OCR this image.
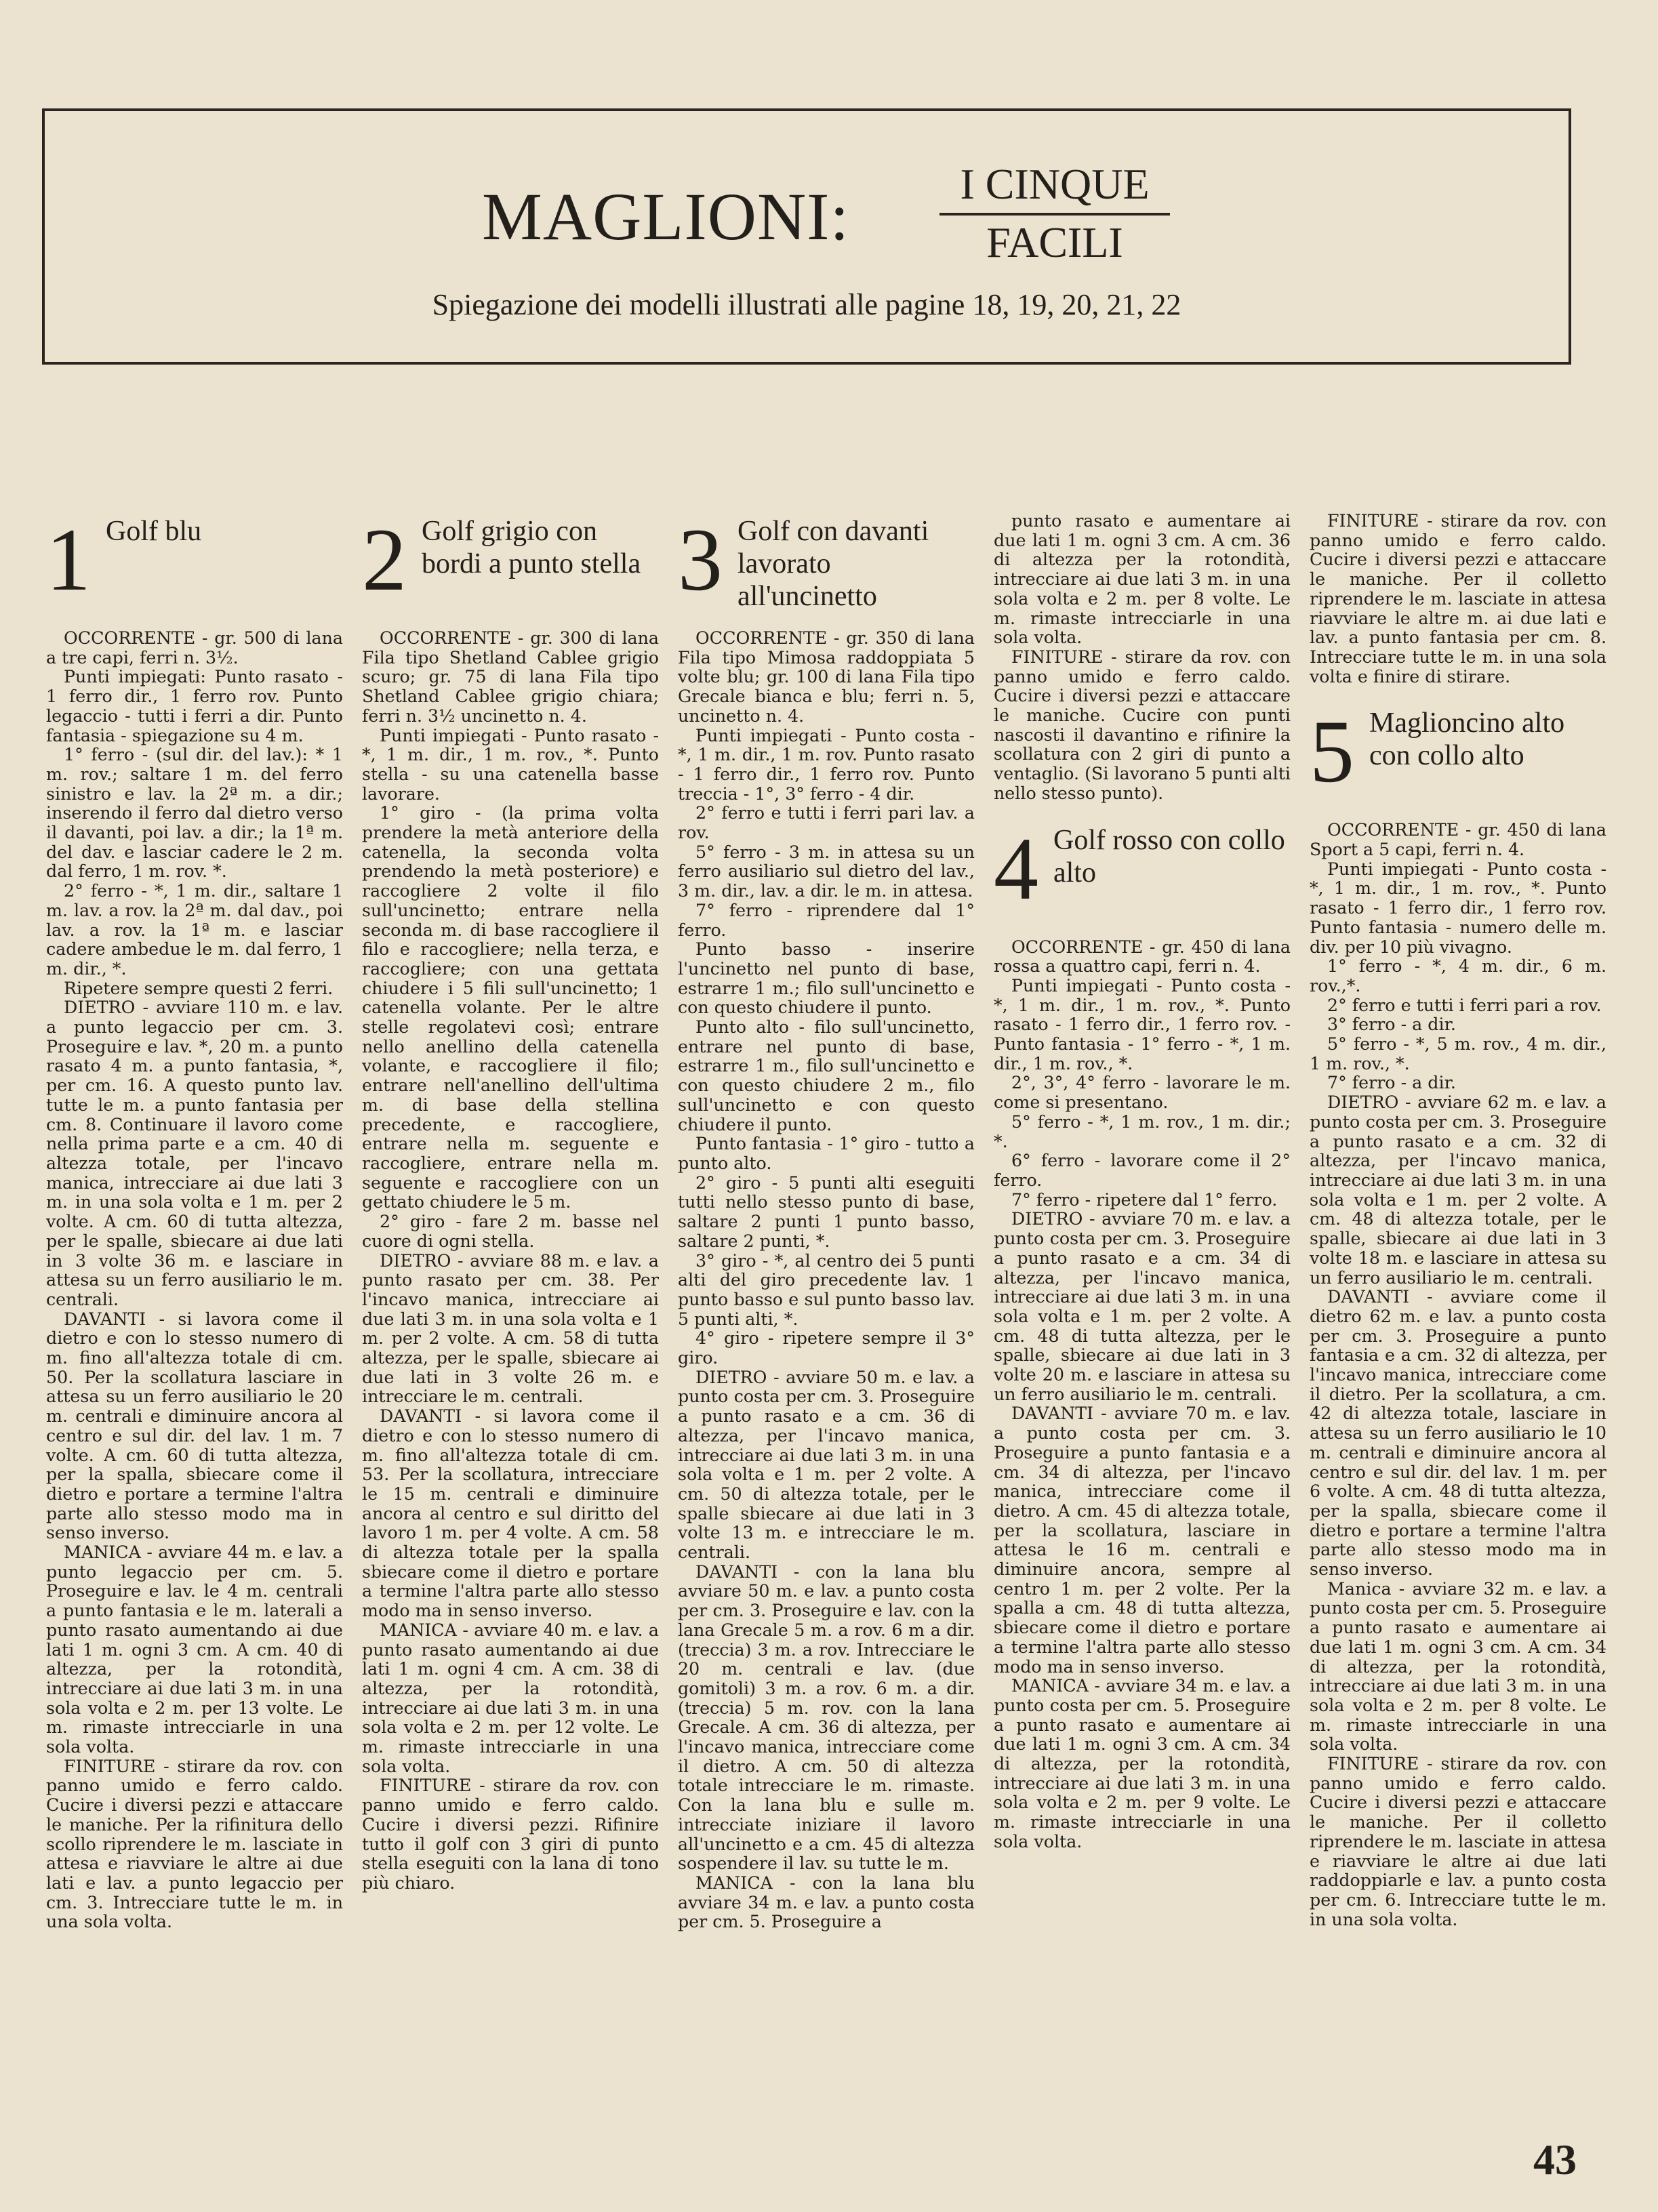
MAGLIONI:	I CINQUE
FACILI
Spiegazione dei modelli illustrati alle pagine 18, 19, 20, 21, 22
1 Golf blu

OCCORRENTE - gr. 500 di lana a tre capi, ferri n. 3½.

Punti impiegati: Punto rasato - 1 ferro dir., 1 ferro rov. Punto legaccio - tutti i ferri a dir. Punto fantasia - spiegazione su 4 m.

1° ferro - (sul dir. del lav.): * 1 m. rov.; saltare 1 m. del ferro sinistro e lav. la 2ª m. a dir.; inserendo il ferro dal dietro verso il davanti, poi lav. a dir.; la 1ª m. del dav. e lasciar cadere le 2 m. dal ferro, 1 m. rov. *.

2° ferro - *, 1 m. dir., saltare 1 m. lav. a rov. la 2ª m. dal dav., poi lav. a rov. la 1ª m. e lasciar cadere ambedue le m. dal ferro, 1 m. dir., *.

Ripetere sempre questi 2 ferri.

DIETRO - avviare 110 m. e lav. a punto legaccio per cm. 3. Proseguire e lav. *, 20 m. a punto rasato 4 m. a punto fantasia, *, per cm. 16. A questo punto lav. tutte le m. a punto fantasia per cm. 8. Continuare il lavoro come nella prima parte e a cm. 40 di altezza totale, per l'incavo manica, intrecciare ai due lati 3 m. in una sola volta e 1 m. per 2 volte. A cm. 60 di tutta altezza, per le spalle, sbiecare ai due lati in 3 volte 36 m. e lasciare in attesa su un ferro ausiliario le m. centrali.

DAVANTI - si lavora come il dietro e con lo stesso numero di m. fino all'altezza totale di cm. 50. Per la scollatura lasciare in attesa su un ferro ausiliario le 20 m. centrali e diminuire ancora al centro e sul dir. del lav. 1 m. 7 volte. A cm. 60 di tutta altezza, per la spalla, sbiecare come il dietro e portare a termine l'altra parte allo stesso modo ma in senso inverso.

MANICA - avviare 44 m. e lav. a punto legaccio per cm. 5. Proseguire e lav. le 4 m. centrali a punto fantasia e le m. laterali a punto rasato aumentando ai due lati 1 m. ogni 3 cm. A cm. 40 di altezza, per la rotondità, intrecciare ai due lati 3 m. in una sola volta e 2 m. per 13 volte. Le m. rimaste intrecciarle in una sola volta.

FINITURE - stirare da rov. con panno umido e ferro caldo. Cucire i diversi pezzi e attaccare le maniche. Per la rifinitura dello scollo riprendere le m. lasciate in attesa e riavviare le altre ai due lati e lav. a punto legaccio per cm. 3. Intrecciare tutte le m. in una sola volta.

2 Golf grigio con bordi a punto stella

OCCORRENTE - gr. 300 di lana Fila tipo Shetland Cablee grigio scuro; gr. 75 di lana Fila tipo Shetland Cablee grigio chiara; ferri n. 3½ uncinetto n. 4.

Punti impiegati - Punto rasato - *, 1 m. dir., 1 m. rov., *. Punto stella - su una catenella basse lavorare.

1° giro - (la prima volta prendere la metà anteriore della catenella, la seconda volta prendendo la metà posteriore) e raccogliere 2 volte il filo sull'uncinetto; entrare nella seconda m. di base raccogliere il filo e raccogliere; nella terza, e raccogliere; con una gettata chiudere i 5 fili sull'uncinetto; 1 catenella volante. Per le altre stelle regolatevi così; entrare nello anellino della catenella volante, e raccogliere il filo; entrare nell'anellino dell'ultima m. di base della stellina precedente, e raccogliere, entrare nella m. seguente e raccogliere, entrare nella m. seguente e raccogliere con un gettato chiudere le 5 m.

2° giro - fare 2 m. basse nel cuore di ogni stella.

DIETRO - avviare 88 m. e lav. a punto rasato per cm. 38. Per l'incavo manica, intrecciare ai due lati 3 m. in una sola volta e 1 m. per 2 volte. A cm. 58 di tutta altezza, per le spalle, sbiecare ai due lati in 3 volte 26 m. e intrecciare le m. centrali.

DAVANTI - si lavora come il dietro e con lo stesso numero di m. fino all'altezza totale di cm. 53. Per la scollatura, intrecciare le 15 m. centrali e diminuire ancora al centro e sul diritto del lavoro 1 m. per 4 volte. A cm. 58 di altezza totale per la spalla sbiecare come il dietro e portare a termine l'altra parte allo stesso modo ma in senso inverso.

MANICA - avviare 40 m. e lav. a punto rasato aumentando ai due lati 1 m. ogni 4 cm. A cm. 38 di altezza, per la rotondità, intrecciare ai due lati 3 m. in una sola volta e 2 m. per 12 volte. Le m. rimaste intrecciarle in una sola volta.

FINITURE - stirare da rov. con panno umido e ferro caldo. Cucire i diversi pezzi. Rifinire tutto il golf con 3 giri di punto stella eseguiti con la lana di tono più chiaro.

3 Golf con davanti lavorato all'uncinetto

OCCORRENTE - gr. 350 di lana Fila tipo Mimosa raddoppiata 5 volte blu; gr. 100 di lana Fila tipo Grecale bianca e blu; ferri n. 5, uncinetto n. 4.

Punti impiegati - Punto costa - *, 1 m. dir., 1 m. rov. Punto rasato - 1 ferro dir., 1 ferro rov. Punto treccia - 1°, 3° ferro - 4 dir.

2° ferro e tutti i ferri pari lav. a rov.

5° ferro - 3 m. in attesa su un ferro ausiliario sul dietro del lav., 3 m. dir., lav. a dir. le m. in attesa.

7° ferro - riprendere dal 1° ferro.

Punto basso - inserire l'uncinetto nel punto di base, estrarre 1 m.; filo sull'uncinetto e con questo chiudere il punto.

Punto alto - filo sull'uncinetto, entrare nel punto di base, estrarre 1 m., filo sull'uncinetto e con questo chiudere 2 m., filo sull'uncinetto e con questo chiudere il punto.

Punto fantasia - 1° giro - tutto a punto alto.

2° giro - 5 punti alti eseguiti tutti nello stesso punto di base, saltare 2 punti 1 punto basso, saltare 2 punti, *.

3° giro - *, al centro dei 5 punti alti del giro precedente lav. 1 punto basso e sul punto basso lav. 5 punti alti, *.

4° giro - ripetere sempre il 3° giro.

DIETRO - avviare 50 m. e lav. a punto costa per cm. 3. Proseguire a punto rasato e a cm. 36 di altezza, per l'incavo manica, intrecciare ai due lati 3 m. in una sola volta e 1 m. per 2 volte. A cm. 50 di altezza totale, per le spalle sbiecare ai due lati in 3 volte 13 m. e intrecciare le m. centrali.

DAVANTI - con la lana blu avviare 50 m. e lav. a punto costa per cm. 3. Proseguire e lav. con la lana Grecale 5 m. a rov. 6 m a dir. (treccia) 3 m. a rov. Intrecciare le 20 m. centrali e lav. (due gomitoli) 3 m. a rov. 6 m. a dir. (treccia) 5 m. rov. con la lana Grecale. A cm. 36 di altezza, per l'incavo manica, intrecciare come il dietro. A cm. 50 di altezza totale intrecciare le m. rimaste. Con la lana blu e sulle m. intrecciate iniziare il lavoro all'uncinetto e a cm. 45 di altezza sospendere il lav. su tutte le m.

MANICA - con la lana blu avviare 34 m. e lav. a punto costa per cm. 5. Proseguire a

punto rasato e aumentare ai due lati 1 m. ogni 3 cm. A cm. 36 di altezza per la rotondità, intrecciare ai due lati 3 m. in una sola volta e 2 m. per 8 volte. Le m. rimaste intrecciarle in una sola volta.

FINITURE - stirare da rov. con panno umido e ferro caldo. Cucire i diversi pezzi e attaccare le maniche. Cucire con punti nascosti il davantino e rifinire la scollatura con 2 giri di punto a ventaglio. (Si lavorano 5 punti alti nello stesso punto).

4 Golf rosso con collo alto

OCCORRENTE - gr. 450 di lana rossa a quattro capi, ferri n. 4.

Punti impiegati - Punto costa - *, 1 m. dir., 1 m. rov., *. Punto rasato - 1 ferro dir., 1 ferro rov. - Punto fantasia - 1° ferro - *, 1 m. dir., 1 m. rov., *.

2°, 3°, 4° ferro - lavorare le m. come si presentano.

5° ferro - *, 1 m. rov., 1 m. dir.; *.

6° ferro - lavorare come il 2° ferro.

7° ferro - ripetere dal 1° ferro.

DIETRO - avviare 70 m. e lav. a punto costa per cm. 3. Proseguire a punto rasato e a cm. 34 di altezza, per l'incavo manica, intrecciare ai due lati 3 m. in una sola volta e 1 m. per 2 volte. A cm. 48 di tutta altezza, per le spalle, sbiecare ai due lati in 3 volte 20 m. e lasciare in attesa su un ferro ausiliario le m. centrali.

DAVANTI - avviare 70 m. e lav. a punto costa per cm. 3. Proseguire a punto fantasia e a cm. 34 di altezza, per l'incavo manica, intrecciare come il dietro. A cm. 45 di altezza totale, per la scollatura, lasciare in attesa le 16 m. centrali e diminuire ancora, sempre al centro 1 m. per 2 volte. Per la spalla a cm. 48 di tutta altezza, sbiecare come il dietro e portare a termine l'altra parte allo stesso modo ma in senso inverso.

MANICA - avviare 34 m. e lav. a punto costa per cm. 5. Proseguire a punto rasato e aumentare ai due lati 1 m. ogni 3 cm. A cm. 34 di altezza, per la rotondità, intrecciare ai due lati 3 m. in una sola volta e 2 m. per 9 volte. Le m. rimaste intrecciarle in una sola volta.

FINITURE - stirare da rov. con panno umido e ferro caldo. Cucire i diversi pezzi e attaccare le maniche. Per il colletto riprendere le m. lasciate in attesa riavviare le altre m. ai due lati e lav. a punto fantasia per cm. 8. Intrecciare tutte le m. in una sola volta e finire di stirare.

5 Maglioncino alto con collo alto

OCCORRENTE - gr. 450 di lana Sport a 5 capi, ferri n. 4.

Punti impiegati - Punto costa - *, 1 m. dir., 1 m. rov., *. Punto rasato - 1 ferro dir., 1 ferro rov. Punto fantasia - numero delle m. div. per 10 più vivagno.

1° ferro - *, 4 m. dir., 6 m. rov.,*.

2° ferro e tutti i ferri pari a rov.

3° ferro - a dir.

5° ferro - *, 5 m. rov., 4 m. dir., 1 m. rov., *.

7° ferro - a dir.

DIETRO - avviare 62 m. e lav. a punto costa per cm. 3. Proseguire a punto rasato e a cm. 32 di altezza, per l'incavo manica, intrecciare ai due lati 3 m. in una sola volta e 1 m. per 2 volte. A cm. 48 di altezza totale, per le spalle, sbiecare ai due lati in 3 volte 18 m. e lasciare in attesa su un ferro ausiliario le m. centrali.

DAVANTI - avviare come il dietro 62 m. e lav. a punto costa per cm. 3. Proseguire a punto fantasia e a cm. 32 di altezza, per l'incavo manica, intrecciare come il dietro. Per la scollatura, a cm. 42 di altezza totale, lasciare in attesa su un ferro ausiliario le 10 m. centrali e diminuire ancora al centro e sul dir. del lav. 1 m. per 6 volte. A cm. 48 di tutta altezza, per la spalla, sbiecare come il dietro e portare a termine l'altra parte allo stesso modo ma in senso inverso.

Manica - avviare 32 m. e lav. a punto costa per cm. 5. Proseguire a punto rasato e aumentare ai due lati 1 m. ogni 3 cm. A cm. 34 di altezza, per la rotondità, intrecciare ai due lati 3 m. in una sola volta e 2 m. per 8 volte. Le m. rimaste intrecciarle in una sola volta.

FINITURE - stirare da rov. con panno umido e ferro caldo. Cucire i diversi pezzi e attaccare le maniche. Per il colletto riprendere le m. lasciate in attesa e riavviare le altre ai due lati raddoppiarle e lav. a punto costa per cm. 6. Intrecciare tutte le m. in una sola volta.

43
